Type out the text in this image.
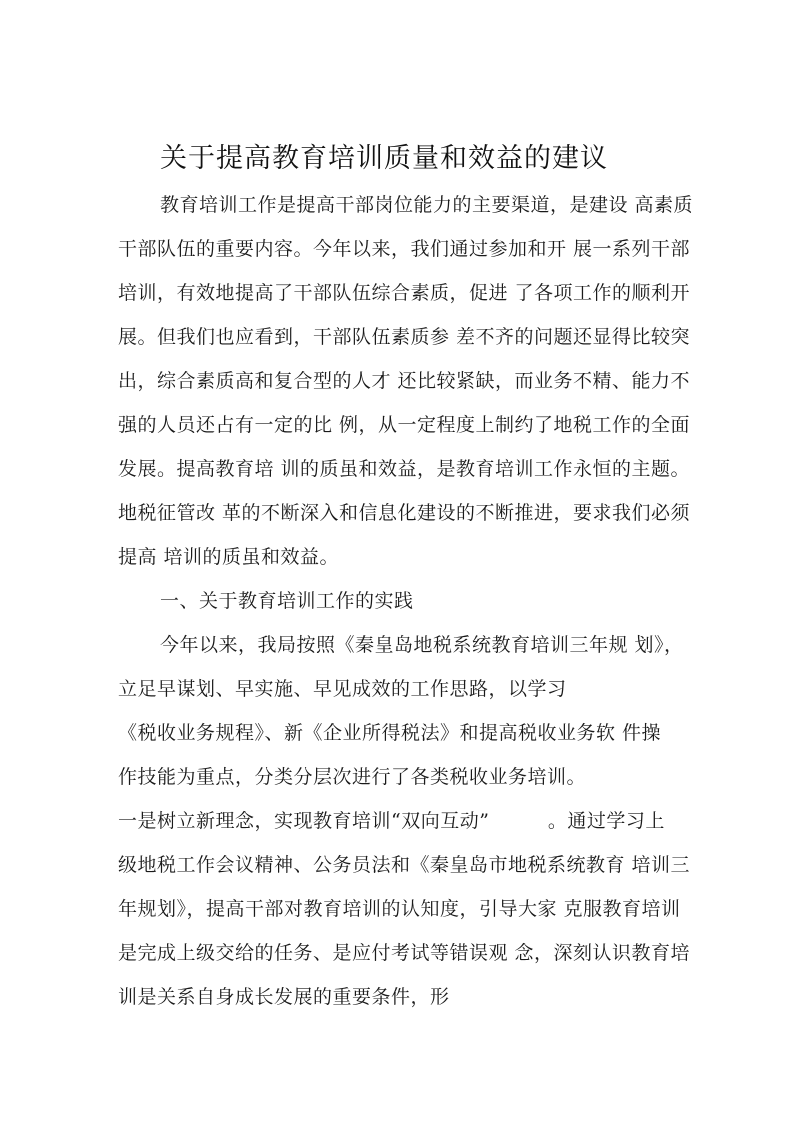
关于提高教育培训质量和效益的建议
教育培训工作是提高干部岗位能力的主要渠道，是建设 高素质
干部队伍的重要内容。今年以来，我们通过参加和开 展一系列干部
培训，有效地提高了干部队伍综合素质，促进 了各项工作的顺利开
展。但我们也应看到，干部队伍素质参 差不齐的问题还显得比较突
出，综合素质高和复合型的人才 还比较紧缺，而业务不精、能力不
强的人员还占有一定的比 例，从一定程度上制约了地税工作的全面
发展。提高教育培 训的质虽和效益，是教育培训工作永恒的主题。
地税征管改 革的不断深入和信息化建设的不断推进，要求我们必须
提高 培训的质虽和效益。
一、关于教育培训工作的实践
今年以来，我局按照《秦皇岛地税系统教育培训三年规 划》，
立足早谋划、早实施、早见成效的工作思路，以学习
《税收业务规程》、新《企业所得税法》和提高税收业务软 件操
作技能为重点，分类分层次进行了各类税收业务培训。
一是树立新理念，实现教育培训“双向互动”　　　。通过学习上
级地税工作会议精神、公务员法和《秦皇岛市地税系统教育 培训三
年规划》，提高干部对教育培训的认知度，引导大家 克服教育培训
是完成上级交给的任务、是应付考试等错误观 念，深刻认识教育培
训是关系自身成长发展的重要条件，形
